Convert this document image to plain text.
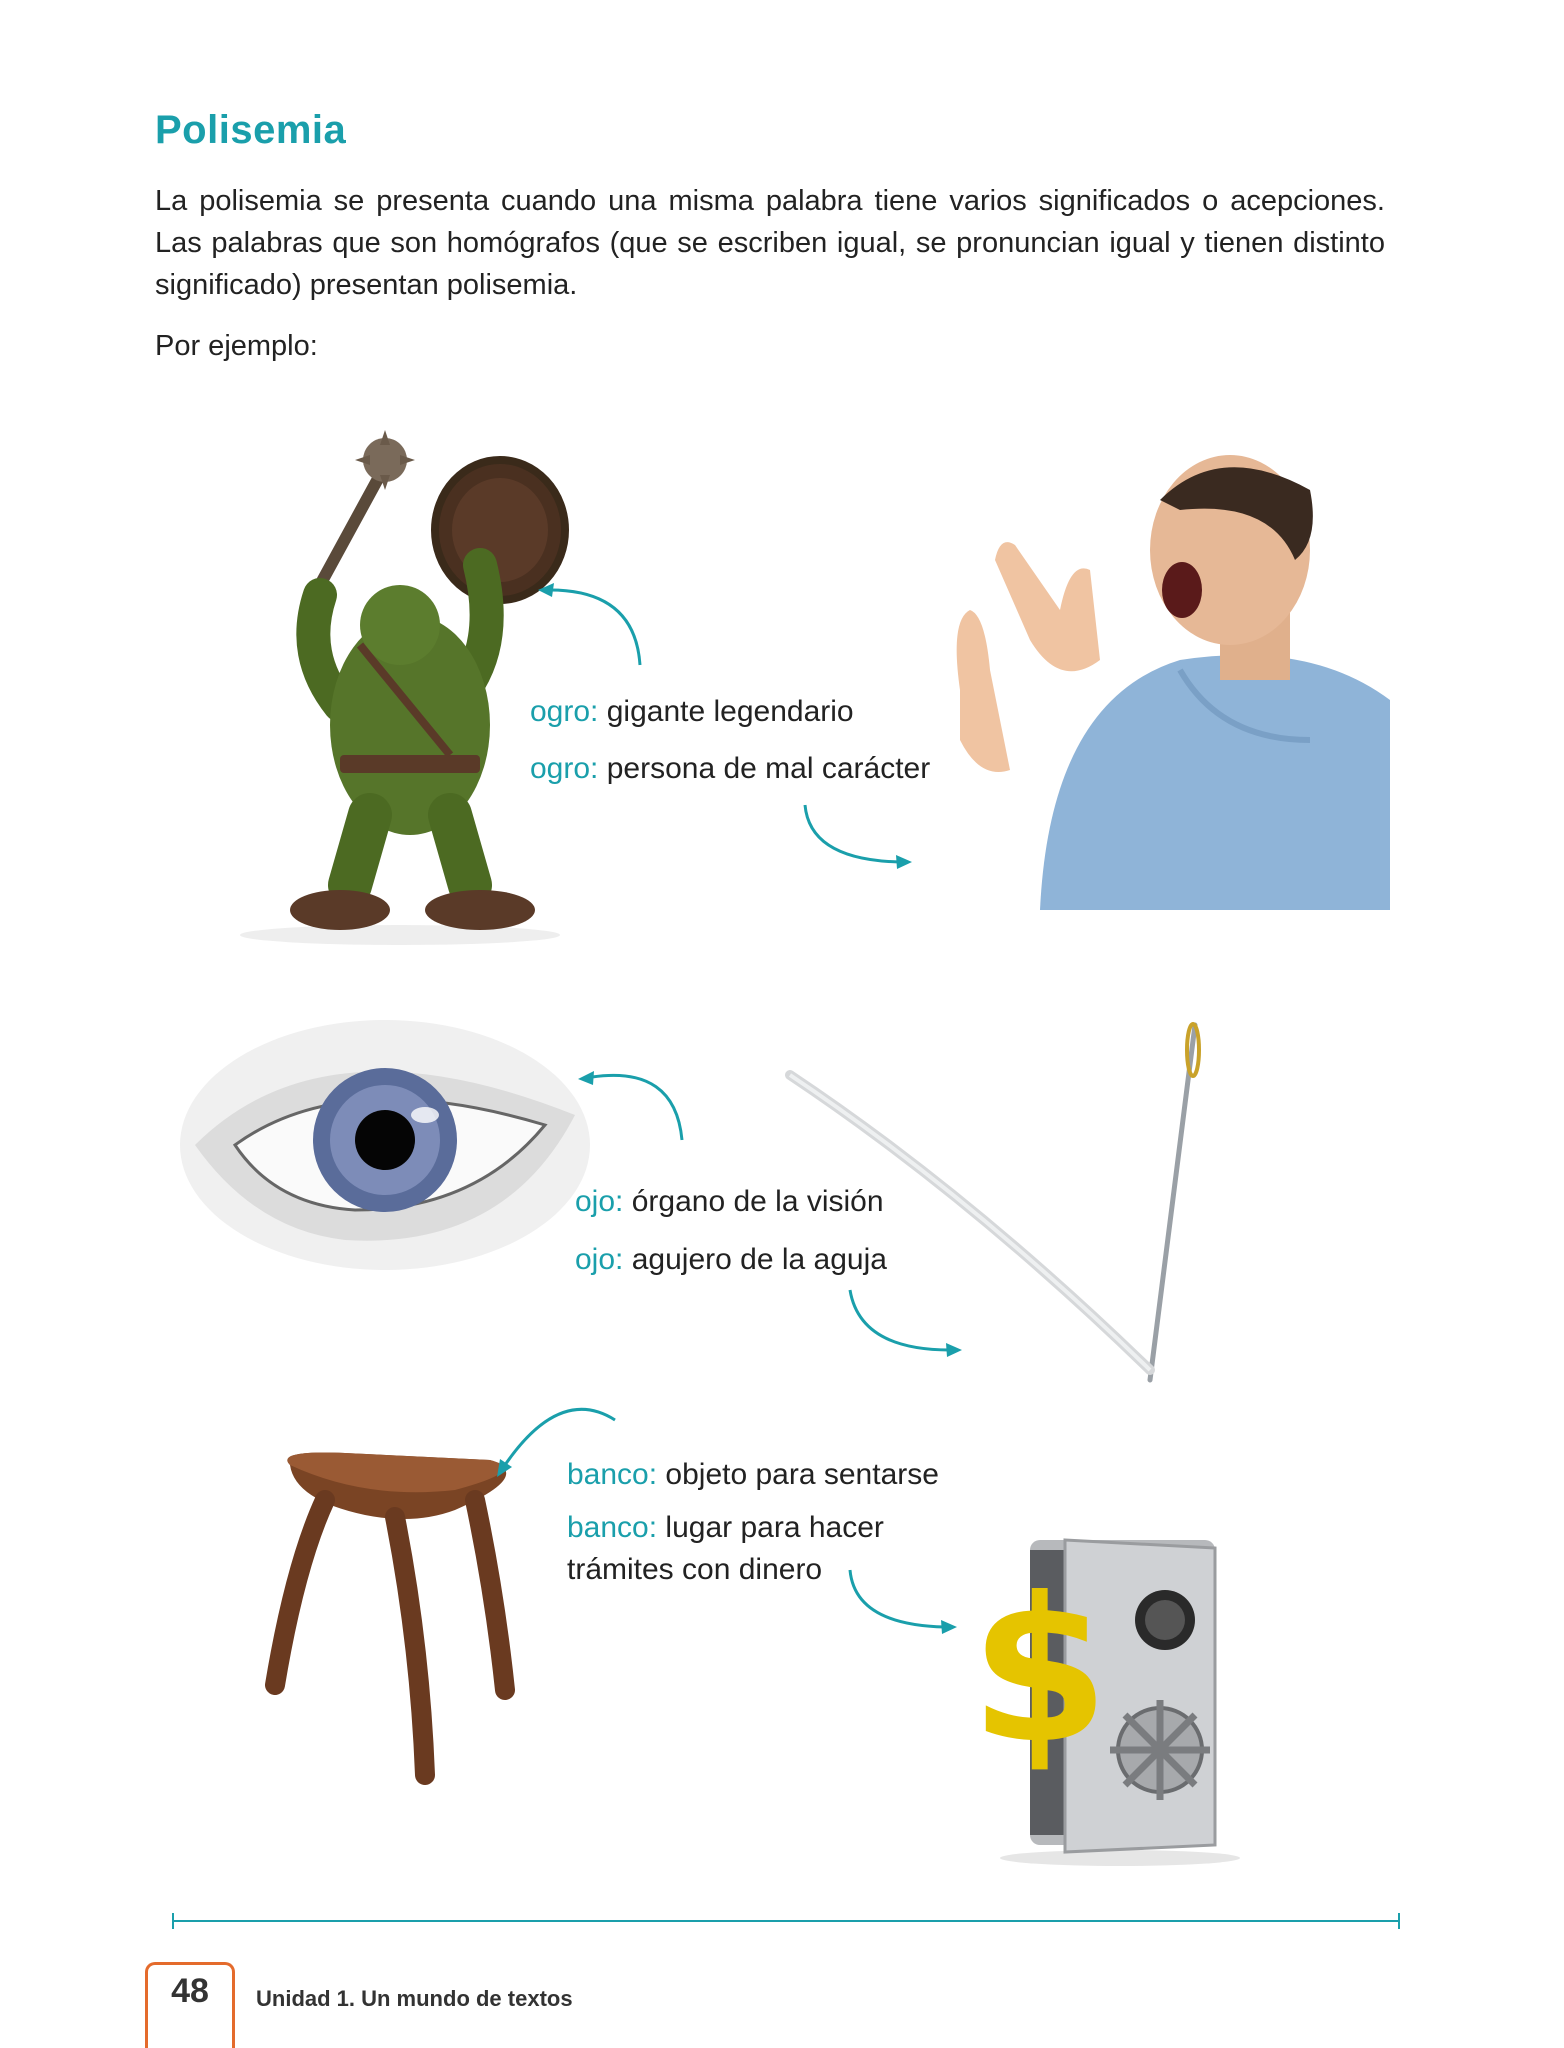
Polisemia
La polisemia se presenta cuando una misma palabra tiene varios significados o acepciones. Las palabras que son homógrafos (que se escriben igual, se pronuncian igual y tienen distinto significado) presentan polisemia.
Por ejemplo:
ogro: gigante legendario
ogro: persona de mal carácter
ojo: órgano de la visión
ojo: agujero de la aguja
$
banco: objeto para sentarse
banco: lugar para hacer trámites con dinero
48	Unidad 1. Un mundo de textos
